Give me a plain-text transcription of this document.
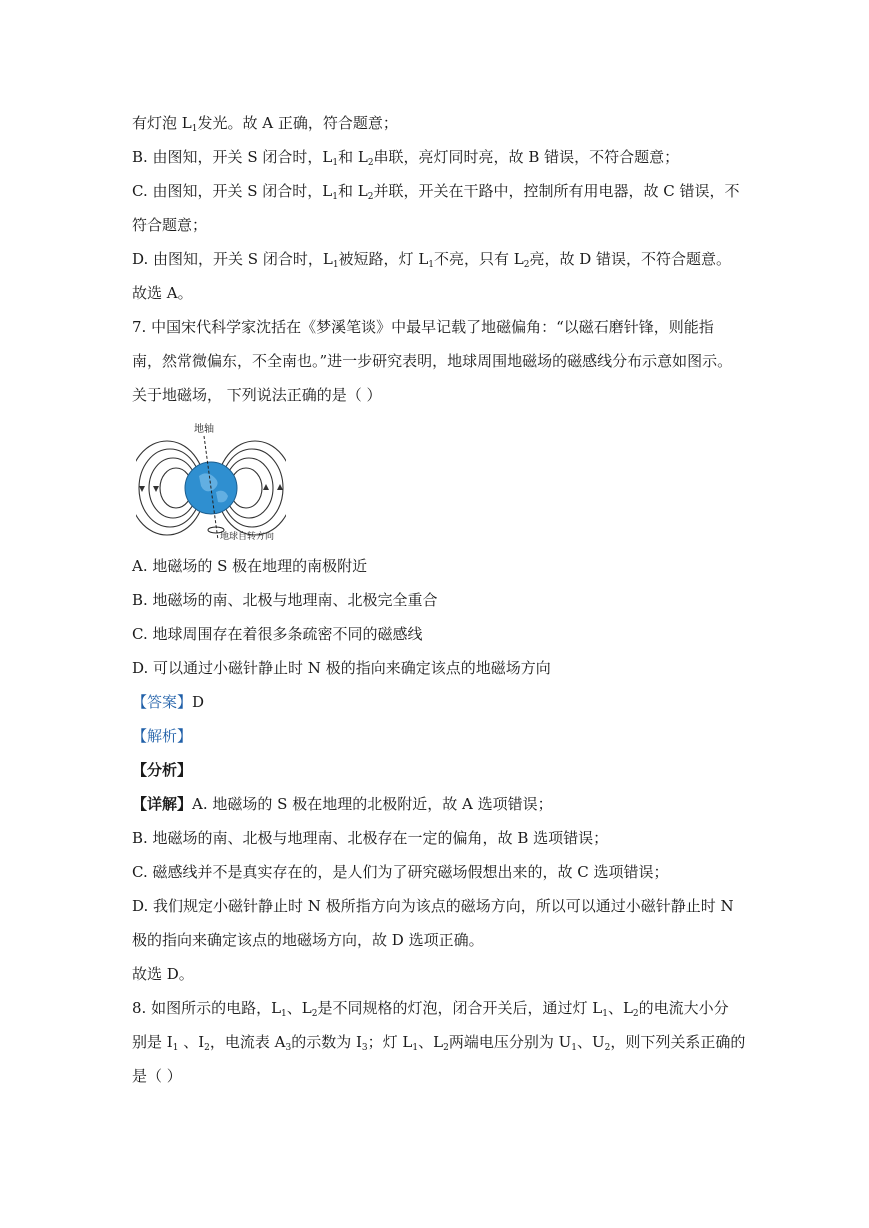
有灯泡 $L_1$发光。故 A 正确，符合题意；
B. 由图知，开关 S 闭合时，$L_1$和 $L_2$串联，亮灯同时亮，故 B 错误，不符合题意；
C. 由图知，开关 S 闭合时，$L_1$和 $L_2$并联，开关在干路中，控制所有用电器，故 C 错误，不
符合题意；
D. 由图知，开关 S 闭合时，$L_1$被短路，灯 $L_1$不亮，只有 $L_2$亮，故 D 错误，不符合题意。
故选 A。
7. 中国宋代科学家沈括在《梦溪笔谈》中最早记载了地磁偏角：“以磁石磨针锋，则能指
南，然常微偏东，不全南也。”进一步研究表明，地球周围地磁场的磁感线分布示意如图示。
关于地磁场， 下列说法正确的是（ ）
地轴
地球自转方向
A. 地磁场的 S 极在地理的南极附近
B. 地磁场的南、北极与地理南、北极完全重合
C. 地球周围存在着很多条疏密不同的磁感线
D. 可以通过小磁针静止时 N 极的指向来确定该点的地磁场方向
【答案】D
【解析】
【分析】
【详解】A. 地磁场的 S 极在地理的北极附近，故 A 选项错误；
B. 地磁场的南、北极与地理南、北极存在一定的偏角，故 B 选项错误；
C. 磁感线并不是真实存在的，是人们为了研究磁场假想出来的，故 C 选项错误；
D. 我们规定小磁针静止时 N 极所指方向为该点的磁场方向，所以可以通过小磁针静止时 N
极的指向来确定该点的地磁场方向，故 D 选项正确。
故选 D。
8. 如图所示的电路，$L_1$、$L_2$是不同规格的灯泡，闭合开关后，通过灯 $L_1$、$L_2$的电流大小分
别是 $I_1$ 、$I_2$，电流表 $A_3$的示数为 $I_3$；灯 $L_1$、$L_2$两端电压分别为 $U_1$、$U_2$，则下列关系正确的
是（ ）
